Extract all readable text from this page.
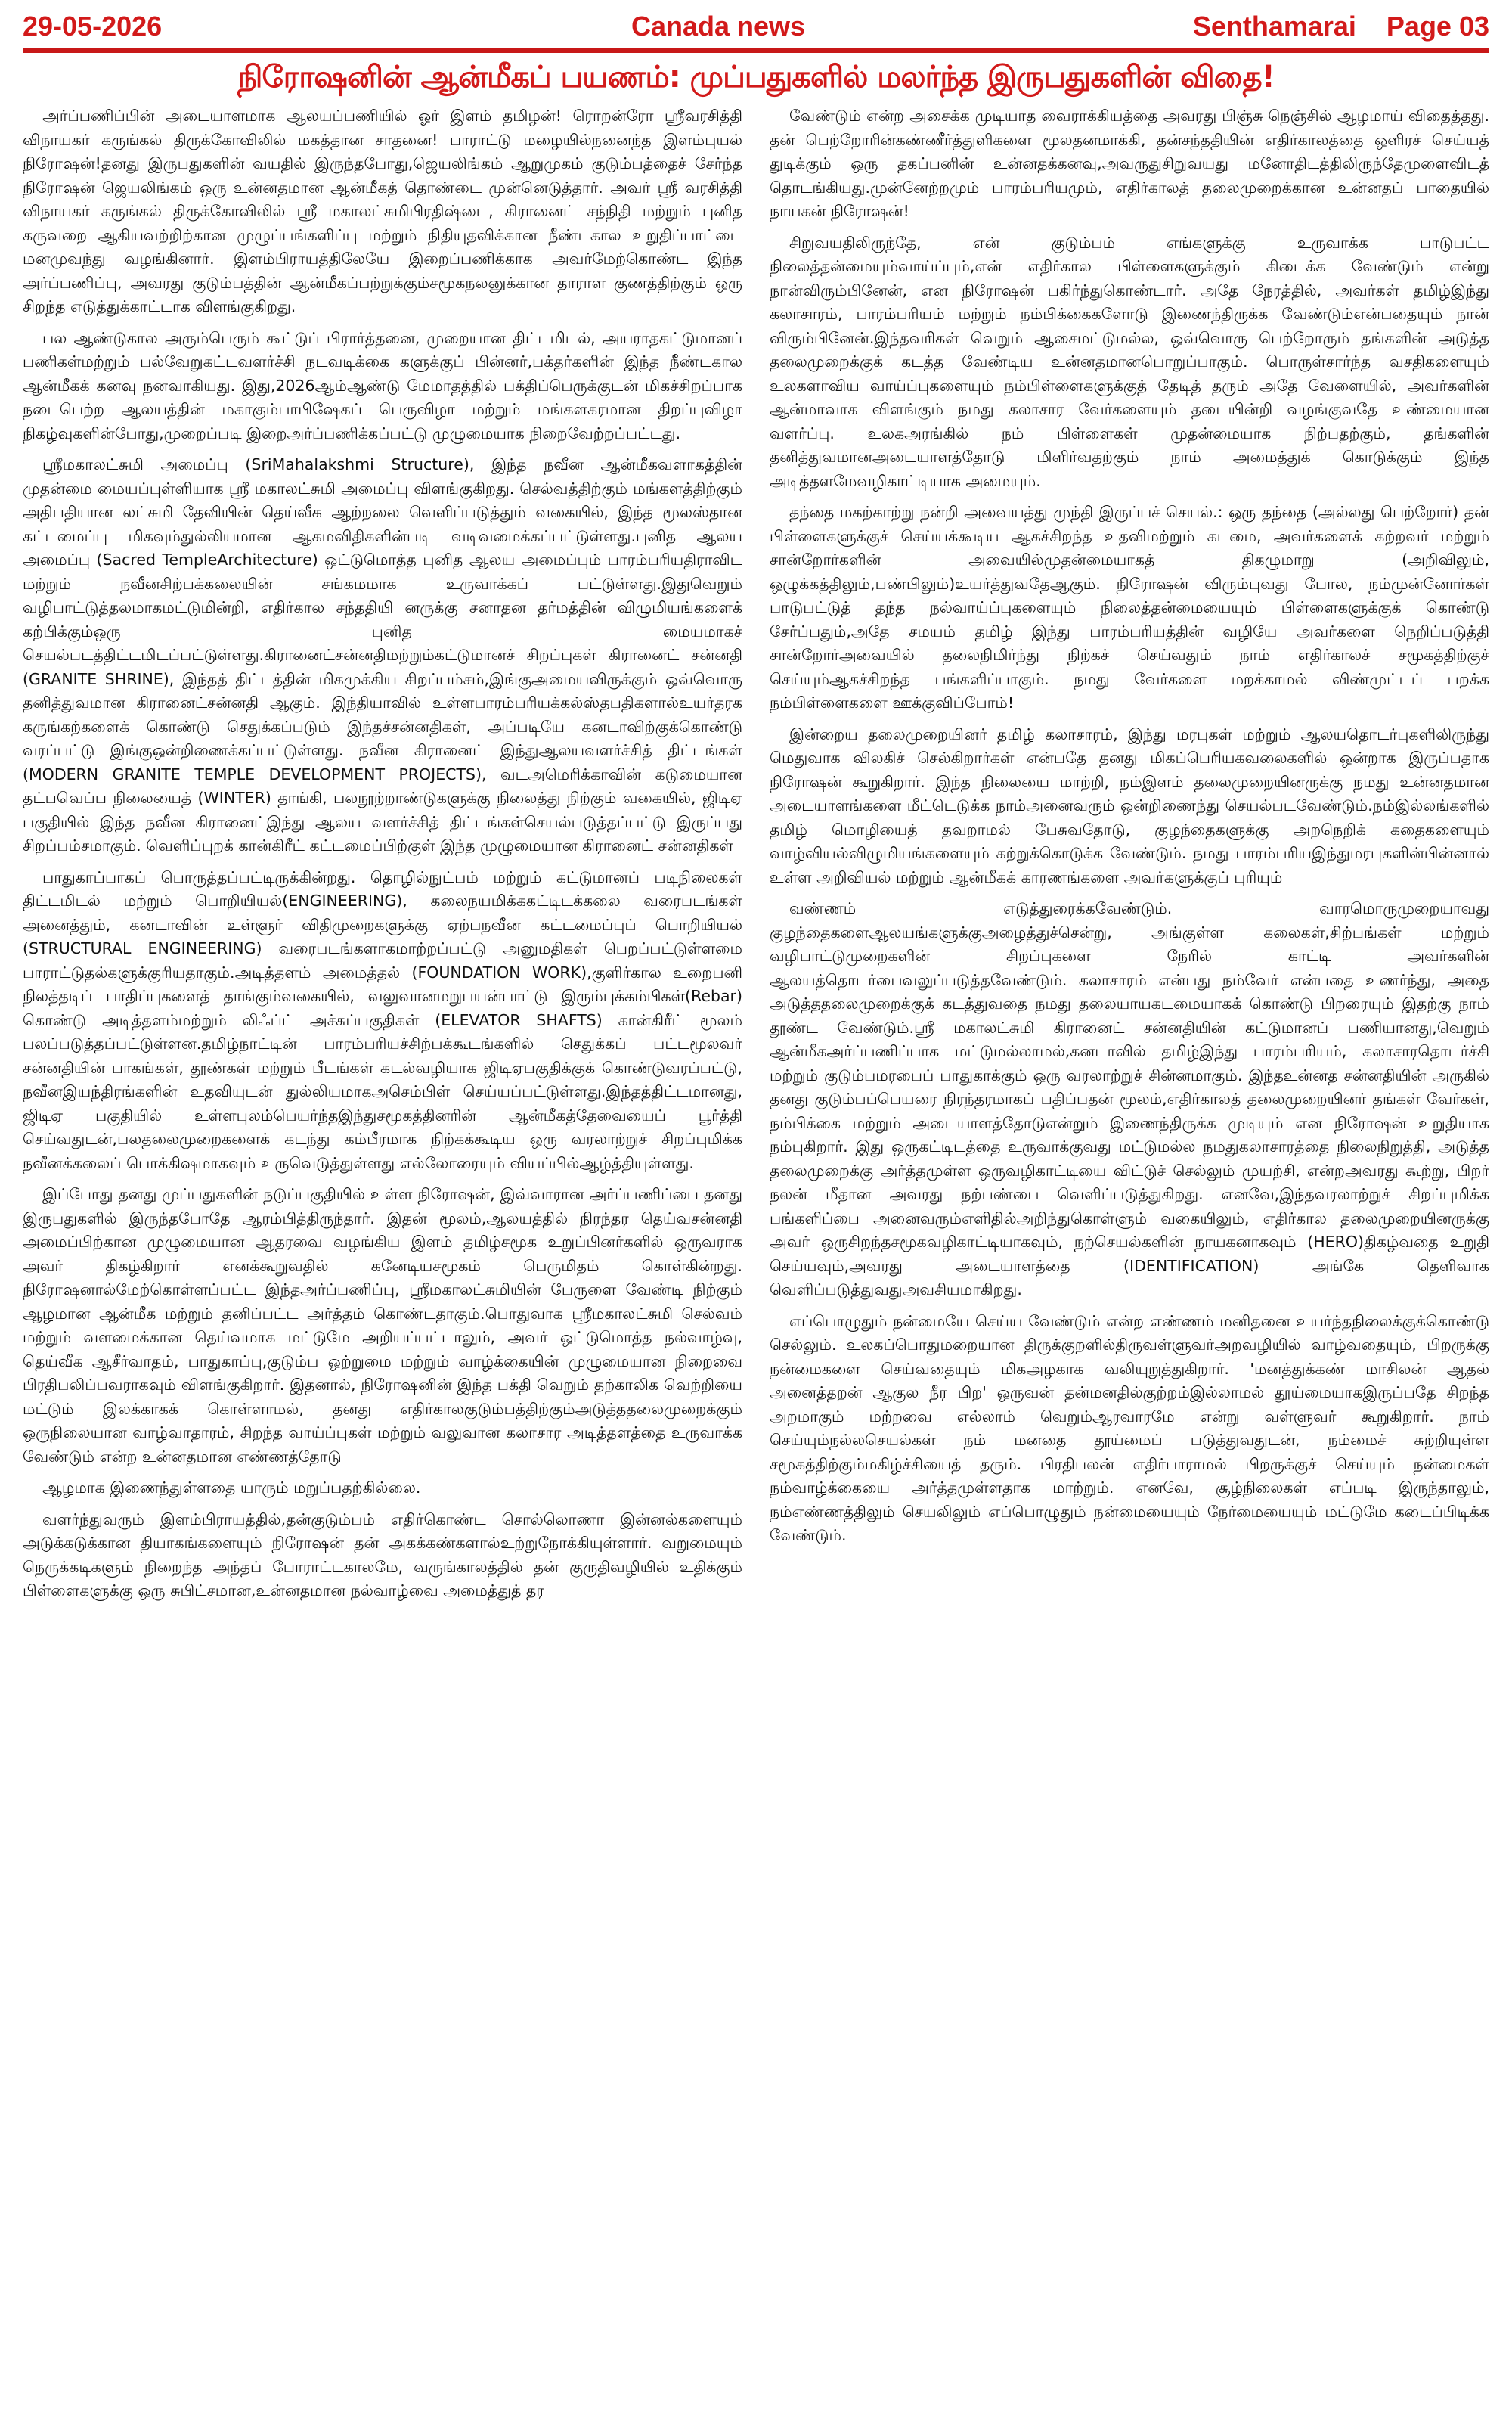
29-05-2026	Canada news	Senthamarai	Page 03
நிரோஷனின் ஆன்மீகப் பயணம்: முப்பதுகளில் மலர்ந்த இருபதுகளின் விதை!

அர்ப்பணிப்பின் அடையாளமாக ஆலயப்பணியில் ஓர் இளம் தமிழன்! ரொறன்ரோ ஸ்ரீவரசித்தி விநாயகர் கருங்கல் திருக்கோவிலில் மகத்தான சாதனை! பாராட்டு மழையில்நனைந்த இளம்புயல் நிரோஷன்!தனது இருபதுகளின் வயதில் இருந்தபோது,ஜெயலிங்கம் ஆறுமுகம் குடும்பத்தைச் சேர்ந்த நிரோஷன் ஜெயலிங்கம் ஒரு உன்னதமான ஆன்மீகத் தொண்டை முன்னெடுத்தார். அவர் ஸ்ரீ வரசித்தி விநாயகர் கருங்கல் திருக்கோவிலில் ஸ்ரீ மகாலட்சுமிபிரதிஷ்டை, கிரானைட் சந்நிதி மற்றும் புனித கருவறை ஆகியவற்றிற்கான முழுப்பங்களிப்பு மற்றும் நிதியுதவிக்கான நீண்டகால உறுதிப்பாட்டை மனமுவந்து வழங்கினார். இளம்பிராயத்திலேயே இறைப்பணிக்காக அவர்மேற்கொண்ட இந்த அர்ப்பணிப்பு, அவரது குடும்பத்தின் ஆன்மீகப்பற்றுக்கும்சமூகநலனுக்கான தாராள குணத்திற்கும் ஒரு சிறந்த எடுத்துக்காட்டாக விளங்குகிறது.

பல ஆண்டுகால அரும்பெரும் கூட்டுப் பிரார்த்தனை, முறையான திட்டமிடல், அயராதகட்டுமானப் பணிகள்மற்றும் பல்வேறுகட்டவளர்ச்சி நடவடிக்கை களுக்குப் பின்னர்,பக்தர்களின் இந்த நீண்டகால ஆன்மீகக் கனவு நனவாகியது. இது,2026ஆம்ஆண்டு மேமாதத்தில் பக்திப்பெருக்குடன் மிகச்சிறப்பாக நடைபெற்ற ஆலயத்தின் மகாகும்பாபிஷேகப் பெருவிழா மற்றும் மங்களகரமான திறப்புவிழா நிகழ்வுகளின்போது,முறைப்படி இறைஅர்ப்பணிக்கப்பட்டு முழுமையாக நிறைவேற்றப்பட்டது.

ஸ்ரீமகாலட்சுமி அமைப்பு (SriMahalakshmi Structure), இந்த நவீன ஆன்மீகவளாகத்தின் முதன்மை மையப்புள்ளியாக ஸ்ரீ மகாலட்சுமி அமைப்பு விளங்குகிறது. செல்வத்திற்கும் மங்களத்திற்கும் அதிபதியான லட்சுமி தேவியின் தெய்வீக ஆற்றலை வெளிப்படுத்தும் வகையில், இந்த மூலஸ்தான கட்டமைப்பு மிகவும்துல்லியமான ஆகமவிதிகளின்படி வடிவமைக்கப்பட்டுள்ளது.புனித ஆலய அமைப்பு (Sacred TempleArchitecture) ஒட்டுமொத்த புனித ஆலய அமைப்பும் பாரம்பரியதிராவிட மற்றும் நவீனசிற்பக்கலையின் சங்கமமாக உருவாக்கப் பட்டுள்ளது.இதுவெறும் வழிபாட்டுத்தலமாகமட்டுமின்றி, எதிர்கால சந்ததியி னருக்கு சனாதன தர்மத்தின் விழுமியங்களைக் கற்பிக்கும்ஒரு புனித மையமாகச் செயல்படத்திட்டமிடப்பட்டுள்ளது.கிரானைட்சன்னதிமற்றும்கட்டுமானச் சிறப்புகள் கிரானைட் சன்னதி (GRANITE SHRINE), இந்தத் திட்டத்தின் மிகமுக்கிய சிறப்பம்சம்,இங்குஅமையவிருக்கும் ஒவ்வொரு தனித்துவமான கிரானைட்சன்னதி ஆகும். இந்தியாவில் உள்ளபாரம்பரியக்கல்ஸ்தபதிகளால்உயர்தரக கருங்கற்களைக் கொண்டு செதுக்கப்படும் இந்தச்சன்னதிகள், அப்படியே கனடாவிற்குக்கொண்டு வரப்பட்டு இங்குஒன்றிணைக்கப்பட்டுள்ளது. நவீன கிரானைட் இந்துஆலயவளர்ச்சித் திட்டங்கள் (MODERN GRANITE TEMPLE DEVELOPMENT PROJECTS), வடஅமெரிக்காவின் கடுமையான தட்பவெப்ப நிலையைத் (WINTER) தாங்கி, பலநூற்றாண்டுகளுக்கு நிலைத்து நிற்கும் வகையில், ஜிடிஏ பகுதியில் இந்த நவீன கிரானைட்இந்து ஆலய வளர்ச்சித் திட்டங்கள்செயல்படுத்தப்பட்டு இருப்பது சிறப்பம்சமாகும். வெளிப்புறக் கான்கிரீட் கட்டமைப்பிற்குள் இந்த முழுமையான கிரானைட் சன்னதிகள்

பாதுகாப்பாகப் பொருத்தப்பட்டிருக்கின்றது. தொழில்நுட்பம் மற்றும் கட்டுமானப் படிநிலைகள் திட்டமிடல் மற்றும் பொறியியல்(ENGINEERING), கலைநயமிக்ககட்டிடக்கலை வரைபடங்கள் அனைத்தும், கனடாவின் உள்ளூர் விதிமுறைகளுக்கு ஏற்பநவீன கட்டமைப்புப் பொறியியல் (STRUCTURAL ENGINEERING) வரைபடங்களாகமாற்றப்பட்டு அனுமதிகள் பெறப்பட்டுள்ளமை பாராட்டுதல்களுக்குரியதாகும்.அடித்தளம் அமைத்தல் (FOUNDATION WORK),குளிர்கால உறைபனி நிலத்தடிப் பாதிப்புகளைத் தாங்கும்வகையில், வலுவானமறுபயன்பாட்டு இரும்புக்கம்பிகள்(Rebar) கொண்டு அடித்தளம்மற்றும் லிஃப்ட் அச்சுப்பகுதிகள் (ELEVATOR SHAFTS) கான்கிரீட் மூலம் பலப்படுத்தப்பட்டுள்ளன.தமிழ்நாட்டின் பாரம்பரியச்சிற்பக்கூடங்களில் செதுக்கப் பட்டமூலவர் சன்னதியின் பாகங்கள், தூண்கள் மற்றும் பீடங்கள் கடல்வழியாக ஜிடிஏபகுதிக்குக் கொண்டுவரப்பட்டு, நவீனஇயந்திரங்களின் உதவியுடன் துல்லியமாகஅசெம்பிள் செய்யப்பட்டுள்ளது.இந்தத்திட்டமானது, ஜிடிஏ பகுதியில் உள்ளபுலம்பெயர்ந்தஇந்துசமூகத்தினரின் ஆன்மீகத்தேவையைப் பூர்த்தி செய்வதுடன்,பலதலைமுறைகளைக் கடந்து கம்பீரமாக நிற்கக்கூடிய ஒரு வரலாற்றுச் சிறப்புமிக்க நவீனக்கலைப் பொக்கிஷமாகவும் உருவெடுத்துள்ளது எல்லோரையும் வியப்பில்ஆழ்த்தியுள்ளது.

இப்போது தனது முப்பதுகளின் நடுப்பகுதியில் உள்ள நிரோஷன், இவ்வாரான அர்ப்பணிப்பை தனது இருபதுகளில் இருந்தபோதே ஆரம்பித்திருந்தார். இதன் மூலம்,ஆலயத்தில் நிரந்தர தெய்வசன்னதி அமைப்பிற்கான முழுமையான ஆதரவை வழங்கிய இளம் தமிழ்சமூக உறுப்பினர்களில் ஒருவராக அவர் திகழ்கிறார் எனக்கூறுவதில் கனேடியசமூகம் பெருமிதம் கொள்கின்றது. நிரோஷனால்மேற்கொள்ளப்பட்ட இந்தஅர்ப்பணிப்பு, ஸ்ரீமகாலட்சுமியின் பேருளை வேண்டி நிற்கும் ஆழமான ஆன்மீக மற்றும் தனிப்பட்ட அர்த்தம் கொண்டதாகும்.பொதுவாக ஸ்ரீமகாலட்சுமி செல்வம் மற்றும் வளமைக்கான தெய்வமாக மட்டுமே அறியப்பட்டாலும், அவர் ஒட்டுமொத்த நல்வாழ்வு, தெய்வீக ஆசீர்வாதம், பாதுகாப்பு,குடும்ப ஒற்றுமை மற்றும் வாழ்க்கையின் முழுமையான நிறைவை பிரதிபலிப்பவராகவும் விளங்குகிறார். இதனால், நிரோஷனின் இந்த பக்தி வெறும் தற்காலிக வெற்றியை மட்டும் இலக்காகக் கொள்ளாமல், தனது எதிர்காலகுடும்பத்திற்கும்அடுத்ததலைமுறைக்கும் ஒருநிலையான வாழ்வாதாரம், சிறந்த வாய்ப்புகள் மற்றும் வலுவான கலாசார அடித்தளத்தை உருவாக்க வேண்டும் என்ற உன்னதமான எண்ணத்தோடு

ஆழமாக இணைந்துள்ளதை யாரும் மறுப்பதற்கில்லை.

வளர்ந்துவரும் இளம்பிராயத்தில்,தன்குடும்பம் எதிர்கொண்ட சொல்லொணா இன்னல்களையும் அடுக்கடுக்கான தியாகங்களையும் நிரோஷன் தன் அகக்கண்களால்உற்றுநோக்கியுள்ளார். வறுமையும் நெருக்கடிகளும் நிறைந்த அந்தப் போராட்டகாலமே, வருங்காலத்தில் தன் குருதிவழியில் உதிக்கும் பிள்ளைகளுக்கு ஒரு சுபிட்சமான,உன்னதமான நல்வாழ்வை அமைத்துத் தர

வேண்டும் என்ற அசைக்க முடியாத வைராக்கியத்தை அவரது பிஞ்சு நெஞ்சில் ஆழமாய் விதைத்தது. தன் பெற்றோரின்கண்ணீர்த்துளிகளை மூலதனமாக்கி, தன்சந்ததியின் எதிர்காலத்தை ஒளிரச் செய்யத் துடிக்கும் ஒரு தகப்பனின் உன்னதக்கனவு,அவருதுசிறுவயது மனோதிடத்திலிருந்தேமுளைவிடத் தொடங்கியது.முன்னேற்றமும் பாரம்பரியமும், எதிர்காலத் தலைமுறைக்கான உன்னதப் பாதையில் நாயகன் நிரோஷன்!

சிறுவயதிலிருந்தே, என் குடும்பம் எங்களுக்கு உருவாக்க பாடுபட்ட நிலைத்தன்மையும்வாய்ப்பும்,என் எதிர்கால பிள்ளைகளுக்கும் கிடைக்க வேண்டும் என்று நான்விரும்பினேன், என நிரோஷன் பகிர்ந்துகொண்டார். அதே நேரத்தில், அவர்கள் தமிழ்இந்து கலாசாரம், பாரம்பரியம் மற்றும் நம்பிக்கைகளோடு இணைந்திருக்க வேண்டும்என்பதையும் நான் விரும்பினேன்.இந்தவரிகள் வெறும் ஆசைமட்டுமல்ல, ஒவ்வொரு பெற்றோரும் தங்களின் அடுத்த தலைமுறைக்குக் கடத்த வேண்டிய உன்னதமானபொறுப்பாகும். பொருள்சார்ந்த வசதிகளையும் உலகளாவிய வாய்ப்புகளையும் நம்பிள்ளைகளுக்குத் தேடித் தரும் அதே வேளையில், அவர்களின் ஆன்மாவாக விளங்கும் நமது கலாசார வேர்களையும் தடையின்றி வழங்குவதே உண்மையான வளர்ப்பு. உலகஅரங்கில் நம் பிள்ளைகள் முதன்மையாக நிற்பதற்கும், தங்களின் தனித்துவமானஅடையாளத்தோடு மிளிர்வதற்கும் நாம் அமைத்துக் கொடுக்கும் இந்த அடித்தளமேவழிகாட்டியாக அமையும்.

தந்தை மகற்காற்று நன்றி அவையத்து முந்தி இருப்பச் செயல்.: ஒரு தந்தை (அல்லது பெற்றோர்) தன் பிள்ளைகளுக்குச் செய்யக்கூடிய ஆகச்சிறந்த உதவிமற்றும் கடமை, அவர்களைக் கற்றவர் மற்றும் சான்றோர்களின் அவையில்முதன்மையாகத் திகழுமாறு (அறிவிலும், ஒழுக்கத்திலும்,பண்பிலும்)உயர்த்துவதேஆகும். நிரோஷன் விரும்புவது போல, நம்முன்னோர்கள் பாடுபட்டுத் தந்த நல்வாய்ப்புகளையும் நிலைத்தன்மையையும் பிள்ளைகளுக்குக் கொண்டு சேர்ப்பதும்,அதே சமயம் தமிழ் இந்து பாரம்பரியத்தின் வழியே அவர்களை நெறிப்படுத்தி சான்றோர்அவையில் தலைநிமிர்ந்து நிற்கச் செய்வதும் நாம் எதிர்காலச் சமூகத்திற்குச் செய்யும்ஆகச்சிறந்த பங்களிப்பாகும். நமது வேர்களை மறக்காமல் விண்முட்டப் பறக்க நம்பிள்ளைகளை ஊக்குவிப்போம்!

இன்றைய தலைமுறையினர் தமிழ் கலாசாரம், இந்து மரபுகள் மற்றும் ஆலயதொடர்புகளிலிருந்து மெதுவாக விலகிச் செல்கிறார்கள் என்பதே தனது மிகப்பெரியகவலைகளில் ஒன்றாக இருப்பதாக நிரோஷன் கூறுகிறார். இந்த நிலையை மாற்றி, நம்இளம் தலைமுறையினருக்கு நமது உன்னதமான அடையாளங்களை மீட்டெடுக்க நாம்அனைவரும் ஒன்றிணைந்து செயல்படவேண்டும்.நம்இல்லங்களில் தமிழ் மொழியைத் தவறாமல் பேசுவதோடு, குழந்தைகளுக்கு அறநெறிக் கதைகளையும் வாழ்வியல்விழுமியங்களையும் கற்றுக்கொடுக்க வேண்டும். நமது பாரம்பரியஇந்துமரபுகளின்பின்னால் உள்ள அறிவியல் மற்றும் ஆன்மீகக் காரணங்களை அவர்களுக்குப் புரியும்

வண்ணம் எடுத்துரைக்கவேண்டும். வாரமொருமுறையாவது குழந்தைகளைஆலயங்களுக்குஅழைத்துச்சென்று, அங்குள்ள கலைகள்,சிற்பங்கள் மற்றும் வழிபாட்டுமுறைகளின் சிறப்புகளை நேரில் காட்டி அவர்களின் ஆலயத்தொடர்பைவலுப்படுத்தவேண்டும். கலாசாரம் என்பது நம்வேர் என்பதை உணர்ந்து, அதை அடுத்ததலைமுறைக்குக் கடத்துவதை நமது தலையாயகடமையாகக் கொண்டு பிறரையும் இதற்கு நாம் தூண்ட வேண்டும்.ஸ்ரீ மகாலட்சுமி கிரானைட் சன்னதியின் கட்டுமானப் பணியானது,வெறும் ஆன்மீகஅர்ப்பணிப்பாக மட்டுமல்லாமல்,கனடாவில் தமிழ்இந்து பாரம்பரியம், கலாசாரதொடர்ச்சி மற்றும் குடும்பமரபைப் பாதுகாக்கும் ஒரு வரலாற்றுச் சின்னமாகும். இந்தஉன்னத சன்னதியின் அருகில் தனது குடும்பப்பெயரை நிரந்தரமாகப் பதிப்பதன் மூலம்,எதிர்காலத் தலைமுறையினர் தங்கள் வேர்கள், நம்பிக்கை மற்றும் அடையாளத்தோடுஎன்றும் இணைந்திருக்க முடியும் என நிரோஷன் உறுதியாக நம்புகிறார். இது ஒருகட்டிடத்தை உருவாக்குவது மட்டுமல்ல நமதுகலாசாரத்தை நிலைநிறுத்தி, அடுத்த தலைமுறைக்கு அர்த்தமுள்ள ஒருவழிகாட்டியை விட்டுச் செல்லும் முயற்சி, என்றஅவரது கூற்று, பிறர் நலன் மீதான அவரது நற்பண்பை வெளிப்படுத்துகிறது. எனவே,இந்தவரலாற்றுச் சிறப்புமிக்க பங்களிப்பை அனைவரும்எளிதில்அறிந்துகொள்ளும் வகையிலும், எதிர்கால தலைமுறையினருக்கு அவர் ஒருசிறந்தசமூகவழிகாட்டியாகவும், நற்செயல்களின் நாயகனாகவும் (HERO)திகழ்வதை உறுதி செய்யவும்,அவரது அடையாளத்தை (IDENTIFICATION) அங்கே தெளிவாக வெளிப்படுத்துவதுஅவசியமாகிறது.

எப்பொழுதும் நன்மையே செய்ய வேண்டும் என்ற எண்ணம் மனிதனை உயர்ந்தநிலைக்குக்கொண்டு செல்லும். உலகப்பொதுமறையான திருக்குறளில்திருவள்ளுவர்அறவழியில் வாழ்வதையும், பிறருக்கு நன்மைகளை செய்வதையும் மிகஅழகாக வலியுறுத்துகிறார். 'மனத்துக்கண் மாசிலன் ஆதல் அனைத்தறன் ஆகுல நீர பிற' ஒருவன் தன்மனதில்குற்றம்இல்லாமல் தூய்மையாகஇருப்பதே சிறந்த அறமாகும் மற்றவை எல்லாம் வெறும்ஆரவாரமே என்று வள்ளுவர் கூறுகிறார். நாம் செய்யும்நல்லசெயல்கள் நம் மனதை தூய்மைப் படுத்துவதுடன், நம்மைச் சுற்றியுள்ள சமூகத்திற்கும்மகிழ்ச்சியைத் தரும். பிரதிபலன் எதிர்பாராமல் பிறருக்குச் செய்யும் நன்மைகள் நம்வாழ்க்கையை அர்த்தமுள்ளதாக மாற்றும். எனவே, சூழ்நிலைகள் எப்படி இருந்தாலும், நம்எண்ணத்திலும் செயலிலும் எப்பொழுதும் நன்மையையும் நேர்மையையும் மட்டுமே கடைப்பிடிக்க வேண்டும்.
